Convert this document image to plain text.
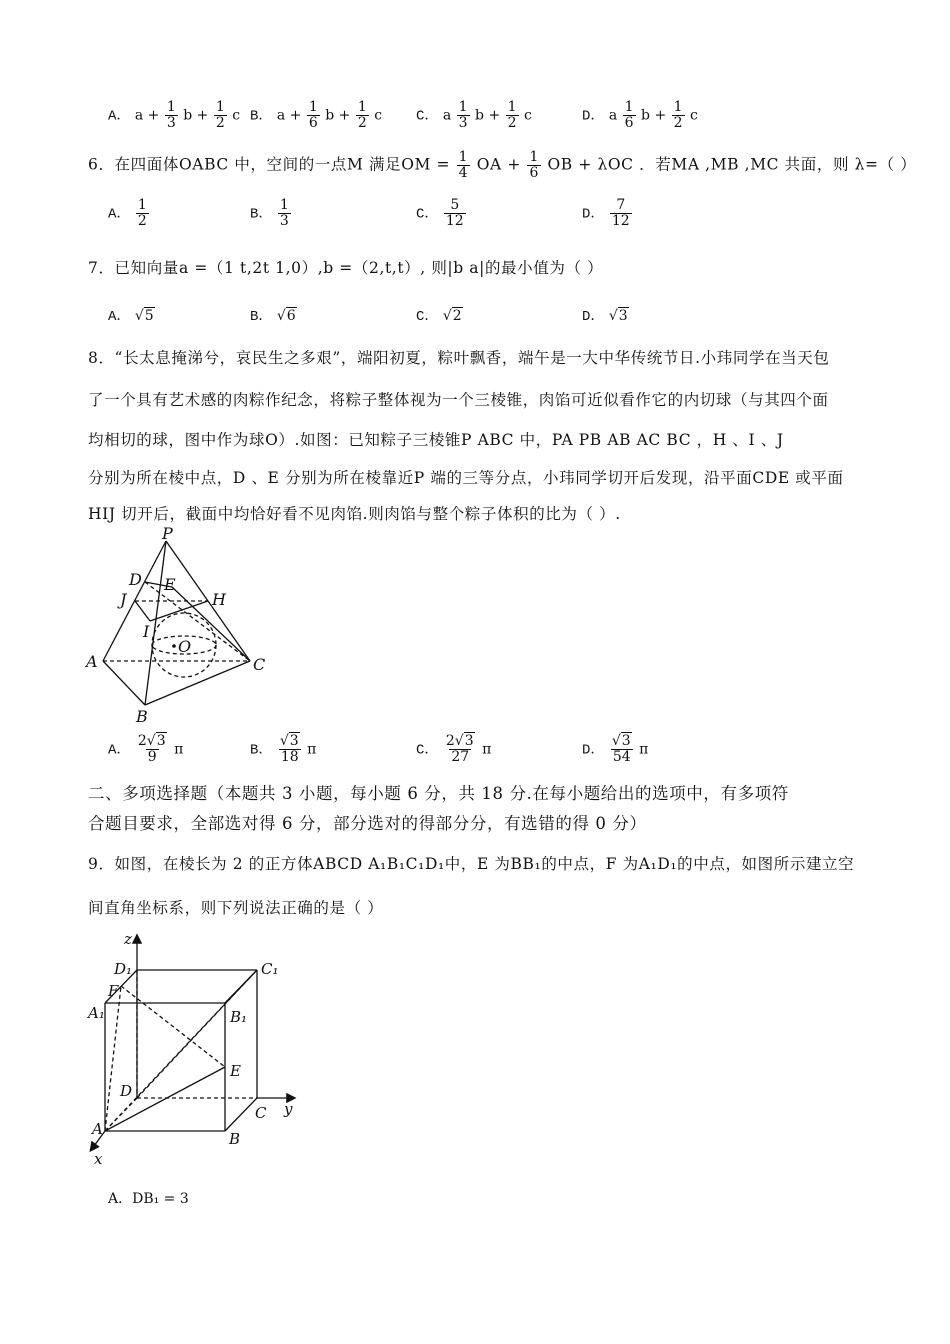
A． $a + \frac{1}{3}$ $b + \frac{1}{2}$ c B． $a + \frac{1}{6}$ $b + \frac{1}{2}$ c C． a $\frac{1}{3}$ $b + \frac{1}{2}$ c	D． a $\frac{1}{6}$ $b + \frac{1}{2}$ c
6．在四面体OABC 中，空间的一点M 满足OM = $\frac{1}{4}$ OA + $\frac{1}{6}$ OB + λOC ．若MA ,MB ,MC 共面，则 λ=（ ）
A． $\frac{1}{2}$	B． $\frac{1}{3}$	C． $\frac{5}{12}$	D． $\frac{7}{12}$
7．已知向量a =（1 t,2t 1,0）,b =（2,t,t）, 则|b a|的最小值为（ ）
A． √5	B． √6	C． √2	D． √3
8．“长太息掩涕兮，哀民生之多艰”，端阳初夏，粽叶飘香，端午是一大中华传统节日.小玮同学在当天包
了一个具有艺术感的肉粽作纪念，将粽子整体视为一个三棱锥，肉馅可近似看作它的内切球（与其四个面
均相切的球，图中作为球O）.如图：已知粽子三棱锥P ABC 中，PA PB AB AC BC ，H 、I 、J
分别为所在棱中点，D 、E 分别为所在棱靠近P 端的三等分点，小玮同学切开后发现，沿平面CDE 或平面
HIJ 切开后，截面中均恰好看不见肉馅.则肉馅与整个粽子体积的比为（ ）.
P
D E
J	H
I
O
A	C
B
A． $\frac{2√3}{9}$ π	B． $\frac{√3}{18}$ π	C． $\frac{2√3}{27}$ π	D． $\frac{√3}{54}$ π
二、多项选择题（本题共 3 小题，每小题 6 分，共 18 分.在每小题给出的选项中，有多项符
合题目要求，全部选对得 6 分，部分选对的得部分分，有选错的得 0 分）
9．如图，在棱长为 2 的正方体ABCD A₁B₁C₁D₁中，E 为BB₁的中点，F 为A₁D₁的中点，如图所示建立空
间直角坐标系，则下列说法正确的是（ ）
z
D₁	C₁
F
A₁	B₁
E
D
C y
A
B
x
A．DB₁ = 3
